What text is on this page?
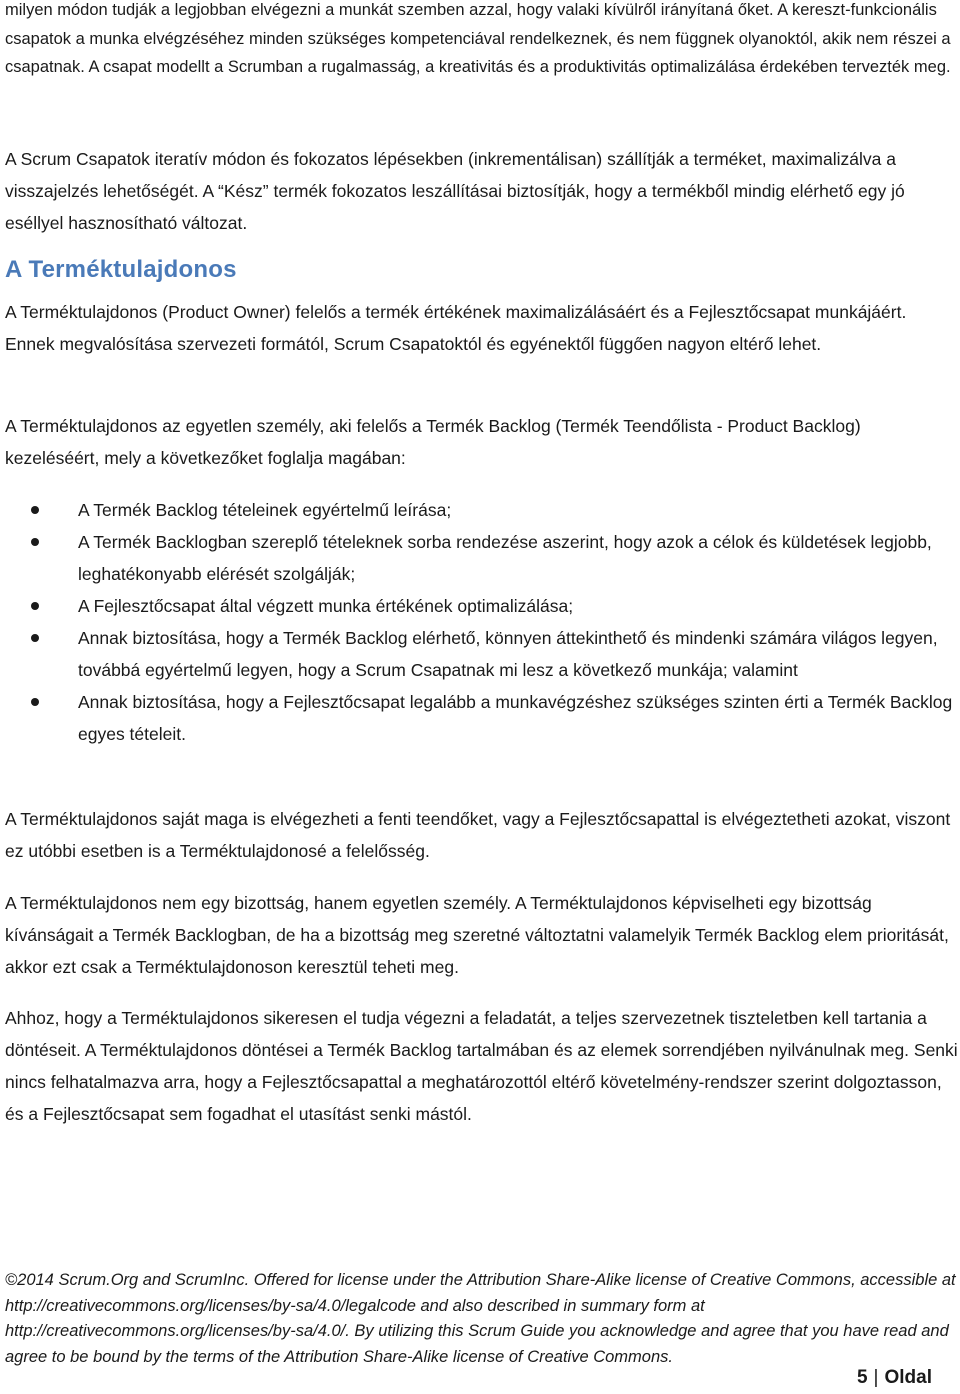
milyen módon tudják a legjobban elvégezni a munkát szemben azzal, hogy valaki kívülről irányítaná őket. A kereszt-funkcionális csapatok a munka elvégzéséhez minden szükséges kompetenciával rendelkeznek, és nem függnek olyanoktól, akik nem részei a csapatnak. A csapat modellt a Scrumban a rugalmasság, a kreativitás és a produktivitás optimalizálása érdekében tervezték meg.

A Scrum Csapatok iteratív módon és fokozatos lépésekben (inkrementálisan) szállítják a terméket, maximalizálva a visszajelzés lehetőségét. A “Kész” termék fokozatos leszállításai biztosítják, hogy a termékből mindig elérhető egy jó eséllyel hasznosítható változat.

A Terméktulajdonos

A Terméktulajdonos (Product Owner) felelős a termék értékének maximalizálásáért és a Fejlesztőcsapat munkájáért. Ennek megvalósítása szervezeti formától, Scrum Csapatoktól és egyénektől függően nagyon eltérő lehet.

A Terméktulajdonos az egyetlen személy, aki felelős a Termék Backlog (Termék Teendőlista - Product Backlog) kezeléséért, mely a következőket foglalja magában:

A Termék Backlog tételeinek egyértelmű leírása;
A Termék Backlogban szereplő tételeknek sorba rendezése aszerint, hogy azok a célok és küldetések legjobb, leghatékonyabb elérését szolgálják;
A Fejlesztőcsapat által végzett munka értékének optimalizálása;
Annak biztosítása, hogy a Termék Backlog elérhető, könnyen áttekinthető és mindenki számára világos legyen, továbbá egyértelmű legyen, hogy a Scrum Csapatnak mi lesz a következő munkája; valamint
Annak biztosítása, hogy a Fejlesztőcsapat legalább a munkavégzéshez szükséges szinten érti a Termék Backlog egyes tételeit.

A Terméktulajdonos saját maga is elvégezheti a fenti teendőket, vagy a Fejlesztőcsapattal is elvégeztetheti azokat, viszont ez utóbbi esetben is a Terméktulajdonosé a felelősség.

A Terméktulajdonos nem egy bizottság, hanem egyetlen személy. A Terméktulajdonos képviselheti egy bizottság kívánságait a Termék Backlogban, de ha a bizottság meg szeretné változtatni valamelyik Termék Backlog elem prioritását, akkor ezt csak a Terméktulajdonoson keresztül teheti meg.

Ahhoz, hogy a Terméktulajdonos sikeresen el tudja végezni a feladatát, a teljes szervezetnek tiszteletben kell tartania a döntéseit. A Terméktulajdonos döntései a Termék Backlog tartalmában és az elemek sorrendjében nyilvánulnak meg. Senki nincs felhatalmazva arra, hogy a Fejlesztőcsapattal a meghatározottól eltérő követelmény-rendszer szerint dolgoztasson, és a Fejlesztőcsapat sem fogadhat el utasítást senki mástól.

©2014 Scrum.Org and ScrumInc. Offered for license under the Attribution Share-Alike license of Creative Commons, accessible at http://creativecommons.org/licenses/by-sa/4.0/legalcode and also described in summary form at http://creativecommons.org/licenses/by-sa/4.0/. By utilizing this Scrum Guide you acknowledge and agree that you have read and agree to be bound by the terms of the Attribution Share-Alike license of Creative Commons.
5 | Oldal
